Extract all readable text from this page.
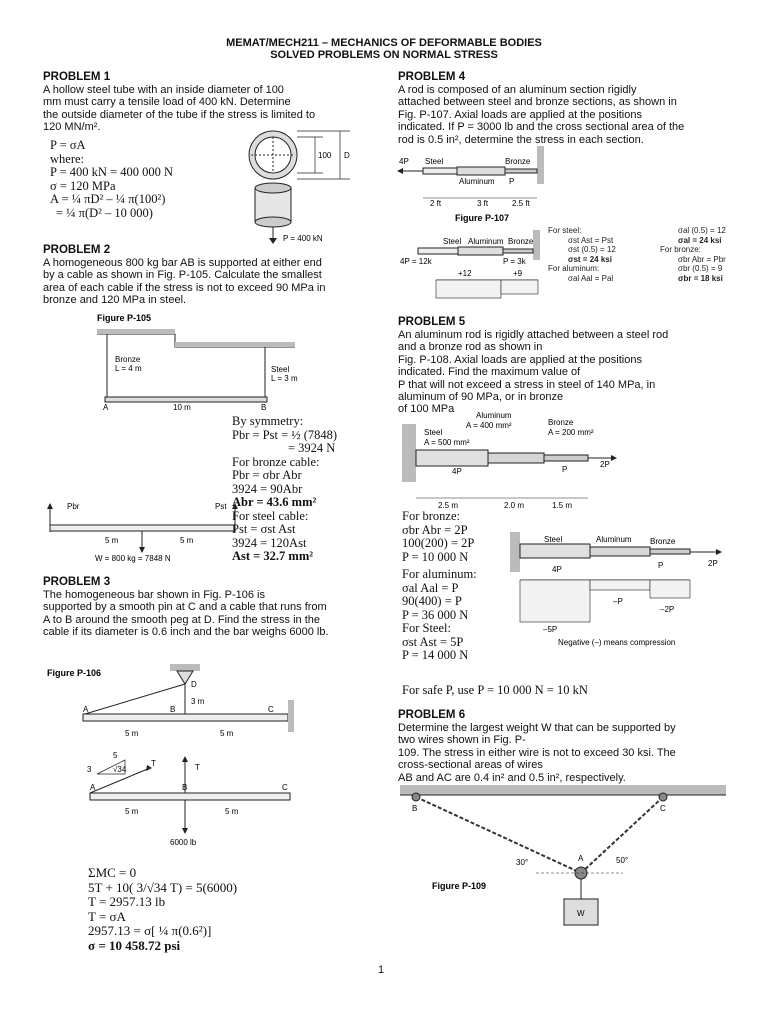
MEMAT/MECH211 – MECHANICS OF DEFORMABLE BODIES
SOLVED PROBLEMS ON NORMAL STRESS
PROBLEM 1

A hollow steel tube with an inside diameter of 100

mm must carry a tensile load of 400 kN. Determine

the outside diameter of the tube if the stress is limited to

120 MN/m².

P = σA
where:
P = 400 kN = 400 000 N
σ = 120 MPa
A = ¼ πD² – ¼ π(100²)
= ¼ π(D² – 10 000)
100 D
P = 400 kN
PROBLEM 2

A homogeneous 800 kg bar AB is supported at either end

by a cable as shown in Fig. P-105. Calculate the smallest

area of each cable if the stress is not to exceed 90 MPa in

bronze and 120 MPa in steel.

Figure P-105
Bronze
L = 4 m	Steel
L = 3 m
A	B
10 m
Pbr	Pst
5 m	5 m
W = 800 kg = 7848 N
By symmetry:
Pbr = Pst = ½ (7848)
= 3924 N
For bronze cable:
Pbr = σbr Abr
3924 = 90Abr
Abr = 43.6 mm²
For steel cable:
Pst = σst Ast
3924 = 120Ast
Ast = 32.7 mm²
PROBLEM 3

The homogeneous bar shown in Fig. P-106 is

supported by a smooth pin at C and a cable that runs from

A to B around the smooth peg at D. Find the stress in the

cable if its diameter is 0.6 inch and the bar weighs 6000 lb.

Figure P-106
D
3 m
A	B	C
5 m	5 m
5
3	√34
T	T
A	B	C
5 m	5 m
6000 lb
ΣMC = 0
5T + 10( 3/√34 T) = 5(6000)
T = 2957.13 lb
T = σA
2957.13 = σ[ ¼ π(0.6²)]
σ = 10 458.72 psi
PROBLEM 4

A rod is composed of an aluminum section rigidly

attached between steel and bronze sections, as shown in

Fig. P-107. Axial loads are applied at the positions

indicated. If P = 3000 lb and the cross sectional area of the

rod is 0.5 in², determine the stress in each section.

4P Steel	Bronze
Aluminum P
2 ft	3 ft	2.5 ft
Figure P-107
Steel Aluminum Bronze
4P = 12k	P = 3k
+12	+9
For steel:
σst Ast = Pst
σst (0.5) = 12
σst = 24 ksi
For aluminum:
σal Aal = Pal
σal (0.5) = 12
σal = 24 ksi
For bronze:
σbr Abr = Pbr
σbr (0.5) = 9
σbr = 18 ksi
PROBLEM 5

An aluminum rod is rigidly attached between a steel rod

and a bronze rod as shown in

Fig. P-108. Axial loads are applied at the positions

indicated. Find the maximum value of

P that will not exceed a stress in steel of 140 MPa, in

aluminum of 90 MPa, or in bronze

of 100 MPa

Aluminum
A = 400 mm²	Bronze
A = 200 mm²
Steel
A = 500 mm²
4P	P
2P
2.5 m	2.0 m	1.5 m
For bronze:
σbr Abr = 2P
100(200) = 2P
P = 10 000 N
For aluminum:
σal Aal = P
90(400) = P
P = 36 000 N
For Steel:
σst Ast = 5P
P = 14 000 N
For safe P, use P = 10 000 N = 10 kN
Steel	Aluminum Bronze
4P	P	2P
–P
–2P
–5P
Negative (–) means compression
PROBLEM 6

Determine the largest weight W that can be supported by

two wires shown in Fig. P-

109. The stress in either wire is not to exceed 30 ksi. The

cross-sectional areas of wires

AB and AC are 0.4 in² and 0.5 in², respectively.

B	C
A
30°	50°
W
Figure P-109
1
